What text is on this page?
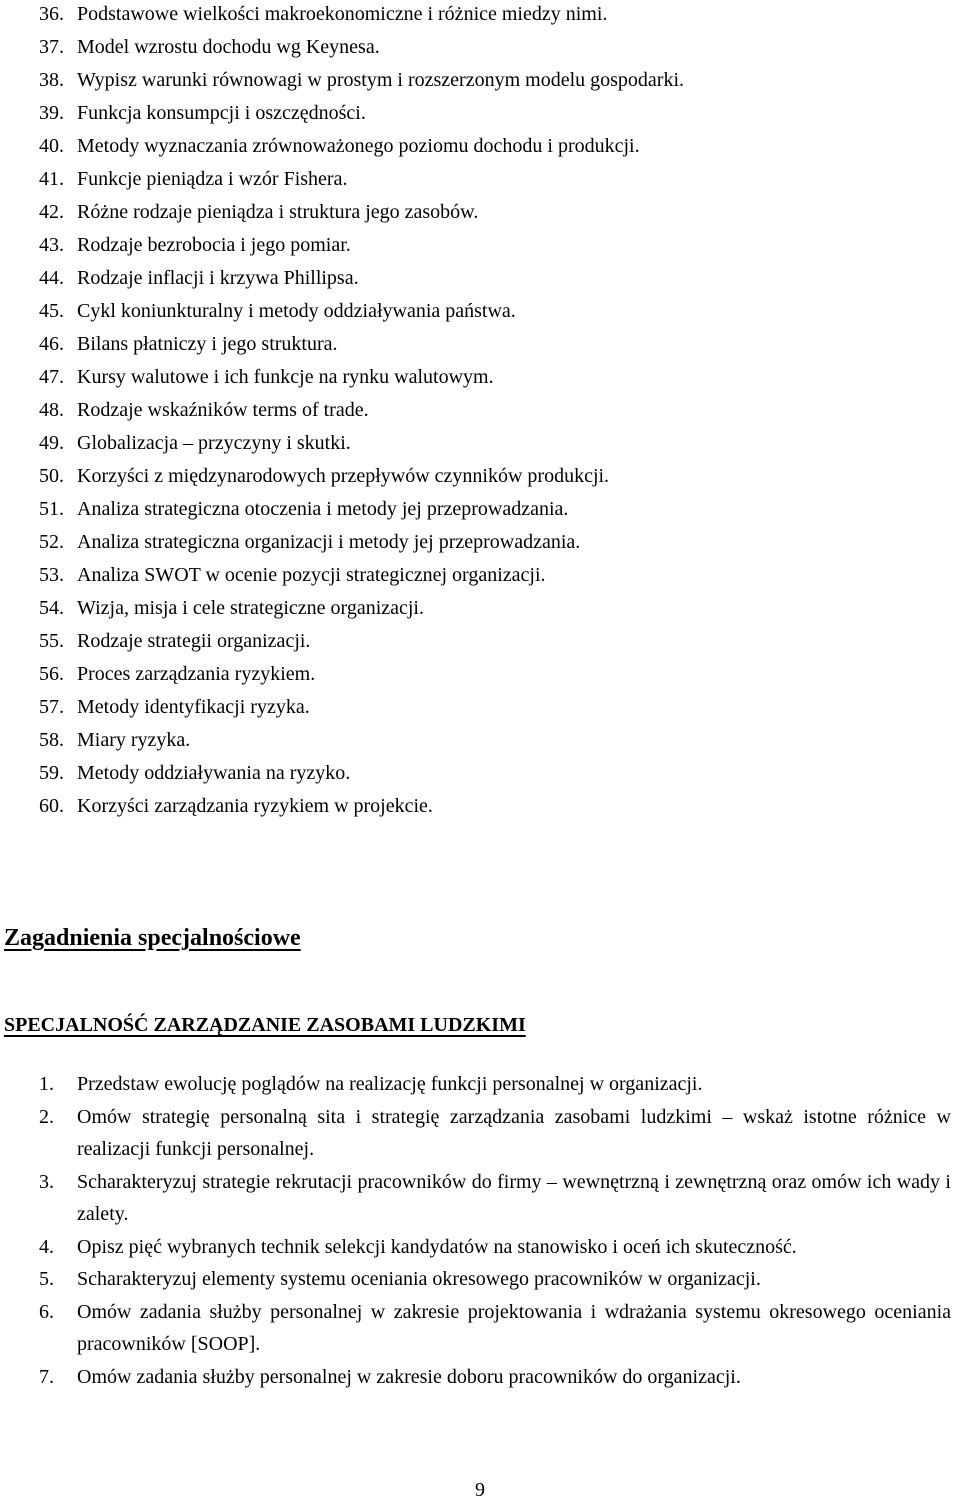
36. Podstawowe wielkości makroekonomiczne i różnice miedzy nimi.
37. Model wzrostu dochodu wg Keynesa.
38. Wypisz warunki równowagi w prostym i rozszerzonym modelu gospodarki.
39. Funkcja konsumpcji i oszczędności.
40. Metody wyznaczania zrównoważonego poziomu dochodu i produkcji.
41. Funkcje pieniądza i wzór Fishera.
42. Różne rodzaje pieniądza i struktura jego zasobów.
43. Rodzaje bezrobocia i jego pomiar.
44. Rodzaje inflacji i krzywa Phillipsa.
45. Cykl koniunkturalny i metody oddziaływania państwa.
46. Bilans płatniczy i jego struktura.
47. Kursy walutowe i ich funkcje na rynku walutowym.
48. Rodzaje wskaźników terms of trade.
49. Globalizacja – przyczyny i skutki.
50. Korzyści z międzynarodowych przepływów czynników produkcji.
51. Analiza strategiczna otoczenia i metody jej przeprowadzania.
52. Analiza strategiczna organizacji i metody jej przeprowadzania.
53. Analiza SWOT w ocenie pozycji strategicznej organizacji.
54. Wizja, misja i cele strategiczne organizacji.
55. Rodzaje strategii organizacji.
56. Proces zarządzania ryzykiem.
57. Metody identyfikacji ryzyka.
58. Miary ryzyka.
59. Metody oddziaływania na ryzyko.
60. Korzyści zarządzania ryzykiem w projekcie.
Zagadnienia specjalnościowe
SPECJALNOŚĆ ZARZĄDZANIE ZASOBAMI LUDZKIMI
1.	Przedstaw ewolucję poglądów na realizację funkcji personalnej w organizacji.
2.	Omów strategię personalną sita i strategię zarządzania zasobami ludzkimi – wskaż istotne różnice w realizacji funkcji personalnej.
3.	Scharakteryzuj strategie rekrutacji pracowników do firmy – wewnętrzną i zewnętrzną oraz omów ich wady i zalety.
4.	Opisz pięć wybranych technik selekcji kandydatów na stanowisko i oceń ich skuteczność.
5.	Scharakteryzuj elementy systemu oceniania okresowego pracowników w organizacji.
6.	Omów zadania służby personalnej w zakresie projektowania i wdrażania systemu okresowego oceniania pracowników [SOOP].
7.	Omów zadania służby personalnej w zakresie doboru pracowników do organizacji.
9
